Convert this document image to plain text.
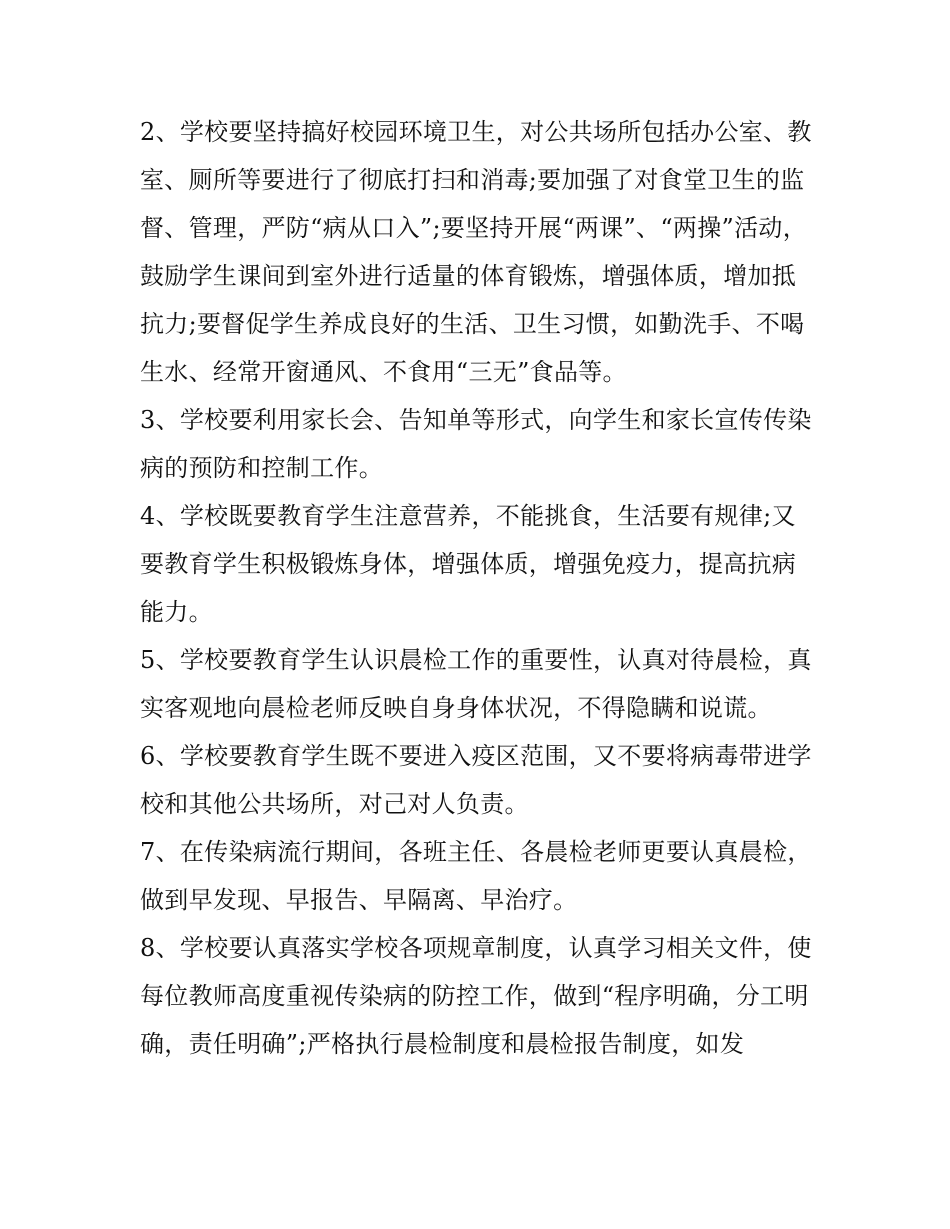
2、学校要坚持搞好校园环境卫生，对公共场所包括办公室、教室、厕所等要进行了彻底打扫和消毒;要加强了对食堂卫生的监督、管理，严防“病从口入”;要坚持开展“两课”、“两操”活动，鼓励学生课间到室外进行适量的体育锻炼，增强体质，增加抵抗力;要督促学生养成良好的生活、卫生习惯，如勤洗手、不喝生水、经常开窗通风、不食用“三无”食品等。

3、学校要利用家长会、告知单等形式，向学生和家长宣传传染病的预防和控制工作。

4、学校既要教育学生注意营养，不能挑食，生活要有规律;又要教育学生积极锻炼身体，增强体质，增强免疫力，提高抗病能力。

5、学校要教育学生认识晨检工作的重要性，认真对待晨检，真实客观地向晨检老师反映自身身体状况，不得隐瞒和说谎。

6、学校要教育学生既不要进入疫区范围，又不要将病毒带进学校和其他公共场所，对己对人负责。

7、在传染病流行期间，各班主任、各晨检老师更要认真晨检，做到早发现、早报告、早隔离、早治疗。

8、学校要认真落实学校各项规章制度，认真学习相关文件，使每位教师高度重视传染病的防控工作，做到“程序明确，分工明确，责任明确”;严格执行晨检制度和晨检报告制度，如发
